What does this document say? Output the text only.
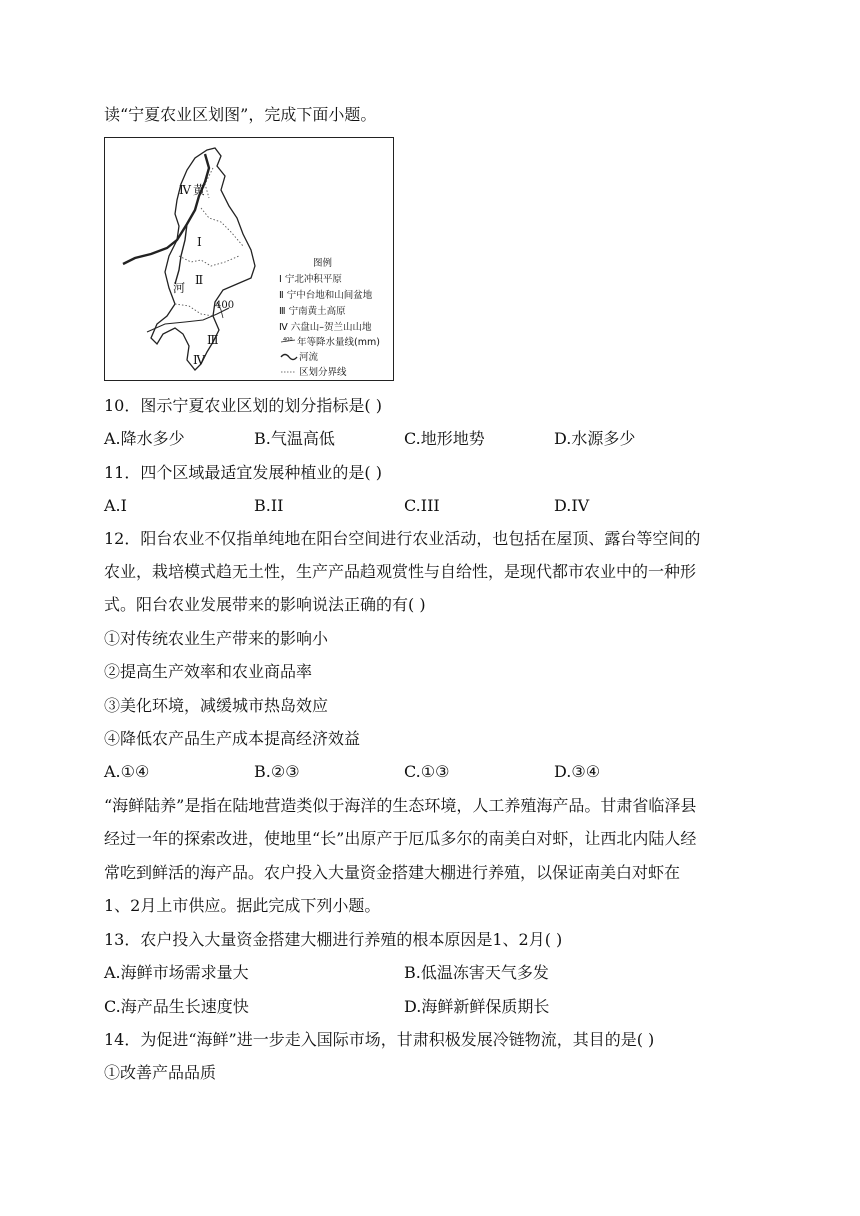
读“宁夏农业区划图”，完成下面小题。
Ⅳ 黄
Ⅰ
Ⅱ
河
400
Ⅲ
Ⅳ
图例
Ⅰ 宁北冲积平原
Ⅱ 宁中台地和山间盆地
Ⅲ 宁南黄土高原
Ⅳ 六盘山–贺兰山山地
400 年等降水量线(mm)
河流
区划分界线
10．图示宁夏农业区划的划分指标是( )
A.降水多少	B.气温高低	C.地形地势	D.水源多少
11．四个区域最适宜发展种植业的是( )
A.I	B.II	C.III	D.IV
12．阳台农业不仅指单纯地在阳台空间进行农业活动，也包括在屋顶、露台等空间的
农业，栽培模式趋无土性，生产产品趋观赏性与自给性，是现代都市农业中的一种形
式。阳台农业发展带来的影响说法正确的有( )
①对传统农业生产带来的影响小
②提高生产效率和农业商品率
③美化环境，减缓城市热岛效应
④降低农产品生产成本提高经济效益
A.①④	B.②③	C.①③	D.③④
“海鲜陆养”是指在陆地营造类似于海洋的生态环境，人工养殖海产品。甘肃省临泽县
经过一年的探索改进，使地里“长”出原产于厄瓜多尔的南美白对虾，让西北内陆人经
常吃到鲜活的海产品。农户投入大量资金搭建大棚进行养殖，以保证南美白对虾在
1、2月上市供应。据此完成下列小题。
13．农户投入大量资金搭建大棚进行养殖的根本原因是1、2月( )
A.海鲜市场需求量大	B.低温冻害天气多发
C.海产品生长速度快	D.海鲜新鲜保质期长
14．为促进“海鲜”进一步走入国际市场，甘肃积极发展冷链物流，其目的是( )
①改善产品品质
